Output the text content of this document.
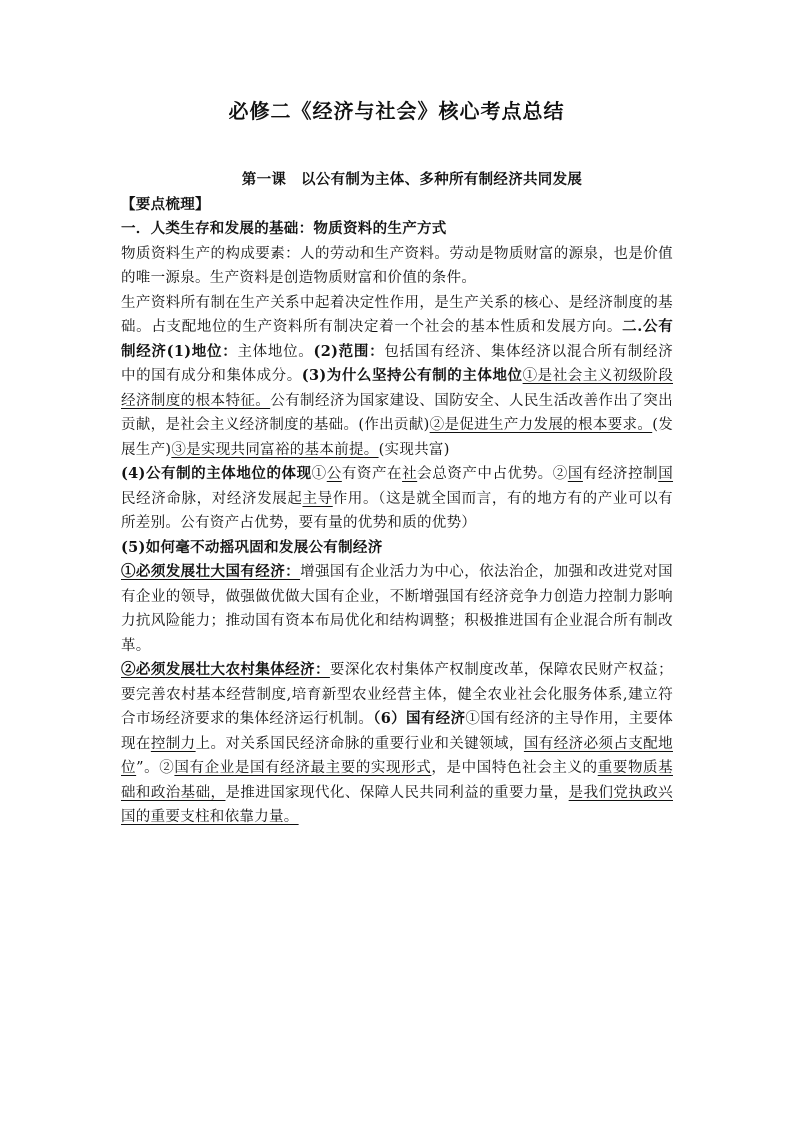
必修二《经济与社会》核心考点总结
第一课　以公有制为主体、多种所有制经济共同发展
【要点梳理】
一．人类生存和发展的基础：物质资料的生产方式

物质资料生产的构成要素：人的劳动和生产资料。劳动是物质财富的源泉，也是价值的唯一源泉。生产资料是创造物质财富和价值的条件。

生产资料所有制在生产关系中起着决定性作用，是生产关系的核心、是经济制度的基础。占支配地位的生产资料所有制决定着一个社会的基本性质和发展方向。二.公有制经济(1)地位：主体地位。(2)范围：包括国有经济、集体经济以混合所有制经济中的国有成分和集体成分。(3)为什么坚持公有制的主体地位①是社会主义初级阶段经济制度的根本特征。公有制经济为国家建设、国防安全、人民生活改善作出了突出贡献，是社会主义经济制度的基础。(作出贡献)②是促进生产力发展的根本要求。(发展生产)③是实现共同富裕的基本前提。(实现共富)

(4)公有制的主体地位的体现①公有资产在社会总资产中占优势。②国有经济控制国民经济命脉，对经济发展起主导作用。（这是就全国而言，有的地方有的产业可以有所差别。公有资产占优势，要有量的优势和质的优势）

(5)如何毫不动摇巩固和发展公有制经济

①必须发展壮大国有经济：增强国有企业活力为中心，依法治企，加强和改进党对国有企业的领导，做强做优做大国有企业，不断增强国有经济竞争力创造力控制力影响力抗风险能力；推动国有资本布局优化和结构调整；积极推进国有企业混合所有制改革。

②必须发展壮大农村集体经济：要深化农村集体产权制度改革，保障农民财产权益；要完善农村基本经营制度,培育新型农业经营主体，健全农业社会化服务体系,建立符合市场经济要求的集体经济运行机制。（6）国有经济①国有经济的主导作用，主要体现在控制力上。对关系国民经济命脉的重要行业和关键领域，国有经济必须占支配地位”。②国有企业是国有经济最主要的实现形式，是中国特色社会主义的重要物质基础和政治基础，是推进国家现代化、保障人民共同利益的重要力量，是我们党执政兴国的重要支柱和依靠力量。
